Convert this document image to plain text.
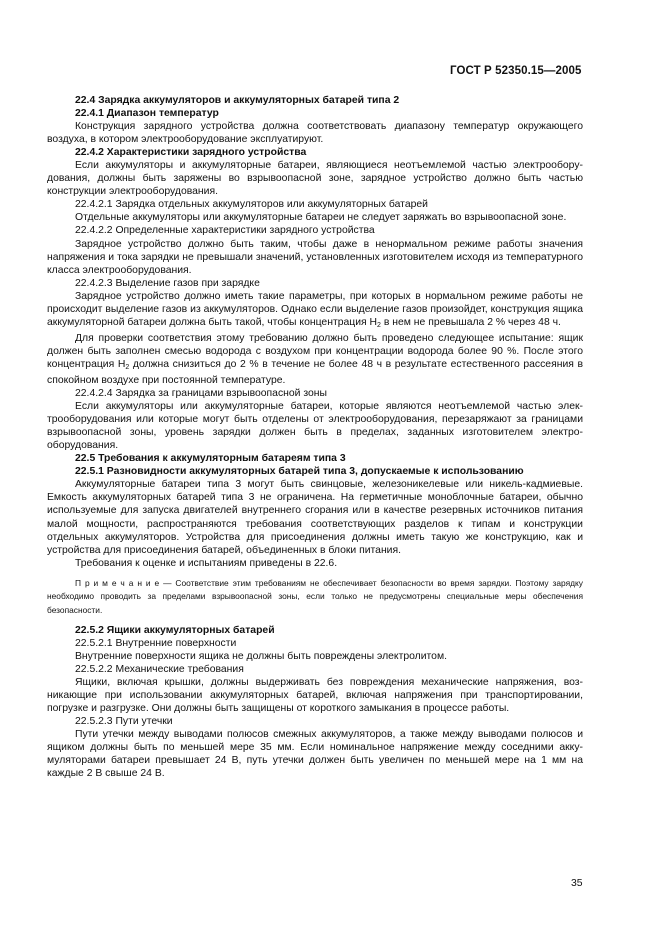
ГОСТ Р 52350.15—2005

22.4 Зарядка аккумуляторов и аккумуляторных батарей типа 2

22.4.1 Диапазон температур

Конструкция зарядного устройства должна соответствовать диапазону температур окружающего воздуха, в котором электрооборудование эксплуатируют.

22.4.2 Характеристики зарядного устройства

Если аккумуляторы и аккумуляторные батареи, являющиеся неотъемлемой частью электрооборудования, должны быть заряжены во взрывоопасной зоне, зарядное устройство должно быть частью конструкции электрооборудования.

22.4.2.1 Зарядка отдельных аккумуляторов или аккумуляторных батарей

Отдельные аккумуляторы или аккумуляторные батареи не следует заряжать во взрывоопасной зоне.

22.4.2.2 Определенные характеристики зарядного устройства

Зарядное устройство должно быть таким, чтобы даже в ненормальном режиме работы значения напряжения и тока зарядки не превышали значений, установленных изготовителем исходя из температурного класса электрооборудования.

22.4.2.3 Выделение газов при зарядке

Зарядное устройство должно иметь такие параметры, при которых в нормальном режиме работы не происходит выделение газов из аккумуляторов. Однако если выделение газов произойдет, конструкция ящика аккумуляторной батареи должна быть такой, чтобы концентрация $Н_2$ в нем не превышала 2 % через 48 ч.

Для проверки соответствия этому требованию должно быть проведено следующее испытание: ящик должен быть заполнен смесью водорода с воздухом при концентрации водорода более 90 %. После этого концентрация $Н_2$ должна снизиться до 2 % в течение не более 48 ч в результате естественного рассеяния в спокойном воздухе при постоянной температуре.

22.4.2.4 Зарядка за границами взрывоопасной зоны

Если аккумуляторы или аккумуляторные батареи, которые являются неотъемлемой частью электрооборудования или которые могут быть отделены от электрооборудования, перезаряжают за границами взрывоопасной зоны, уровень зарядки должен быть в пределах, заданных изготовителем электрооборудования.

22.5 Требования к аккумуляторным батареям типа 3

22.5.1 Разновидности аккумуляторных батарей типа 3, допускаемые к использованию

Аккумуляторные батареи типа 3 могут быть свинцовые, железоникелевые или никель-кадмиевые. Емкость аккумуляторных батарей типа 3 не ограничена. На герметичные моноблочные батареи, обычно используемые для запуска двигателей внутреннего сгорания или в качестве резервных источников питания малой мощности, распространяются требования соответствующих разделов к типам и конструкции отдельных аккумуляторов. Устройства для присоединения должны иметь такую же конструкцию, как и устройства для присоединения батарей, объединенных в блоки питания.

Требования к оценке и испытаниям приведены в 22.6.

П р и м е ч а н и е — Соответствие этим требованиям не обеспечивает безопасности во время зарядки. Поэтому зарядку необходимо проводить за пределами взрывоопасной зоны, если только не предусмотрены специальные меры обеспечения безопасности.

22.5.2 Ящики аккумуляторных батарей

22.5.2.1 Внутренние поверхности

Внутренние поверхности ящика не должны быть повреждены электролитом.

22.5.2.2 Механические требования

Ящики, включая крышки, должны выдерживать без повреждения механические напряжения, возникающие при использовании аккумуляторных батарей, включая напряжения при транспортировании, погрузке и разгрузке. Они должны быть защищены от короткого замыкания в процессе работы.

22.5.2.3 Пути утечки

Пути утечки между выводами полюсов смежных аккумуляторов, а также между выводами полюсов и ящиком должны быть по меньшей мере 35 мм. Если номинальное напряжение между соседними аккумуляторами батареи превышает 24 В, путь утечки должен быть увеличен по меньшей мере на 1 мм на каждые 2 В свыше 24 В.

35
